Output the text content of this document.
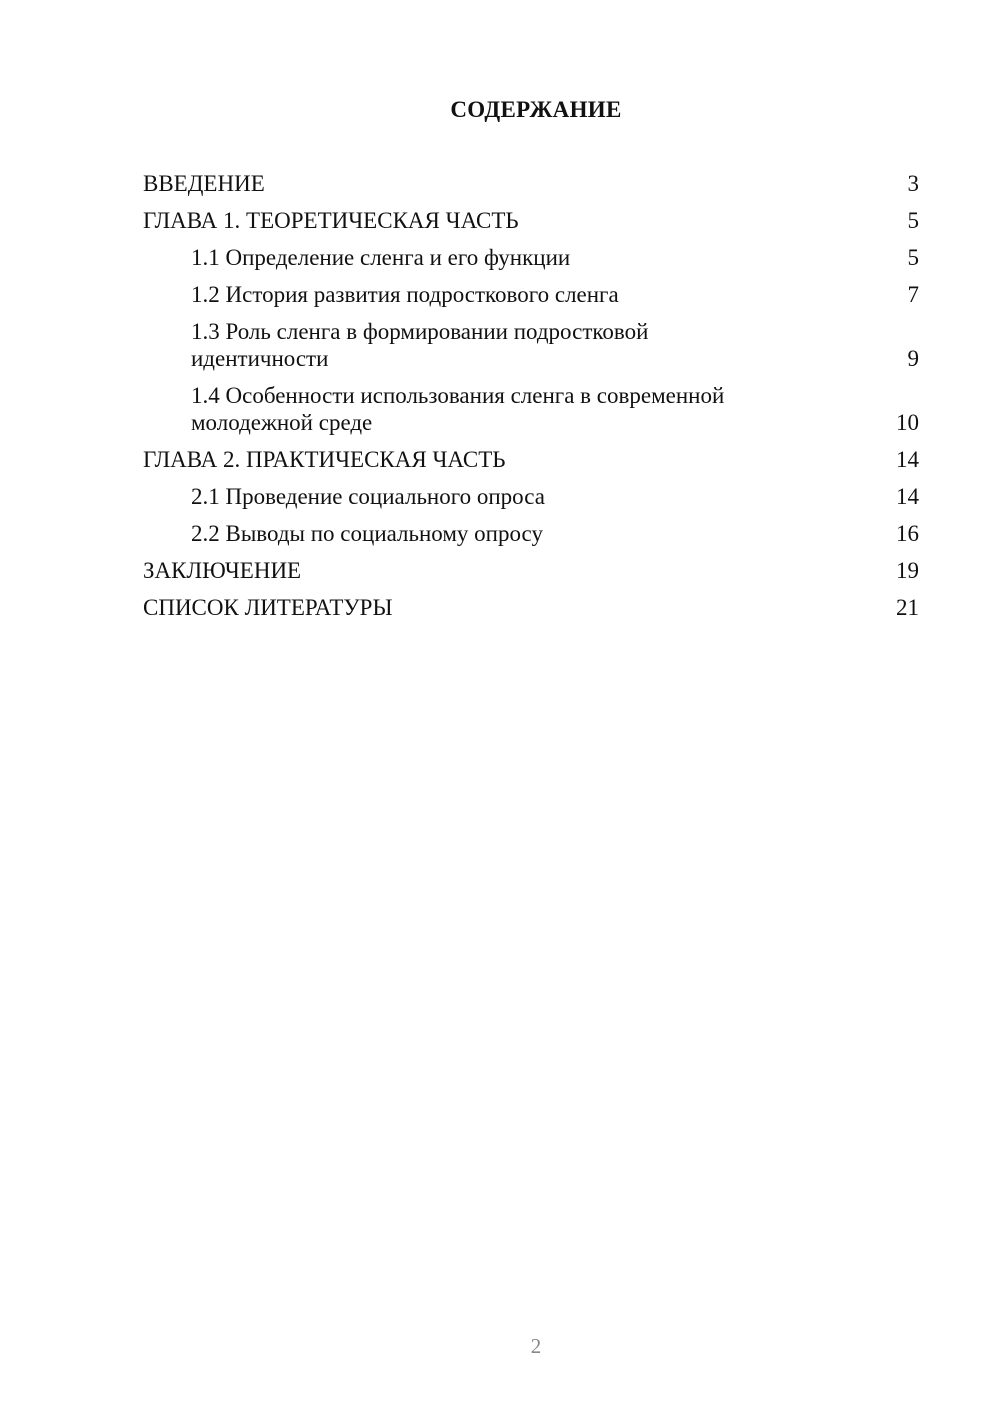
СОДЕРЖАНИЕ
ВВЕДЕНИЕ	3
ГЛАВА 1. ТЕОРЕТИЧЕСКАЯ ЧАСТЬ	5
1.1 Определение сленга и его функции	5
1.2 История развития подросткового сленга	7
1.3 Роль сленга в формировании подростковой идентичности	9
1.4 Особенности использования сленга в современной молодежной среде	10
ГЛАВА 2. ПРАКТИЧЕСКАЯ ЧАСТЬ	14
2.1 Проведение социального опроса	14
2.2 Выводы по социальному опросу	16
ЗАКЛЮЧЕНИЕ	19
СПИСОК ЛИТЕРАТУРЫ	21
2
